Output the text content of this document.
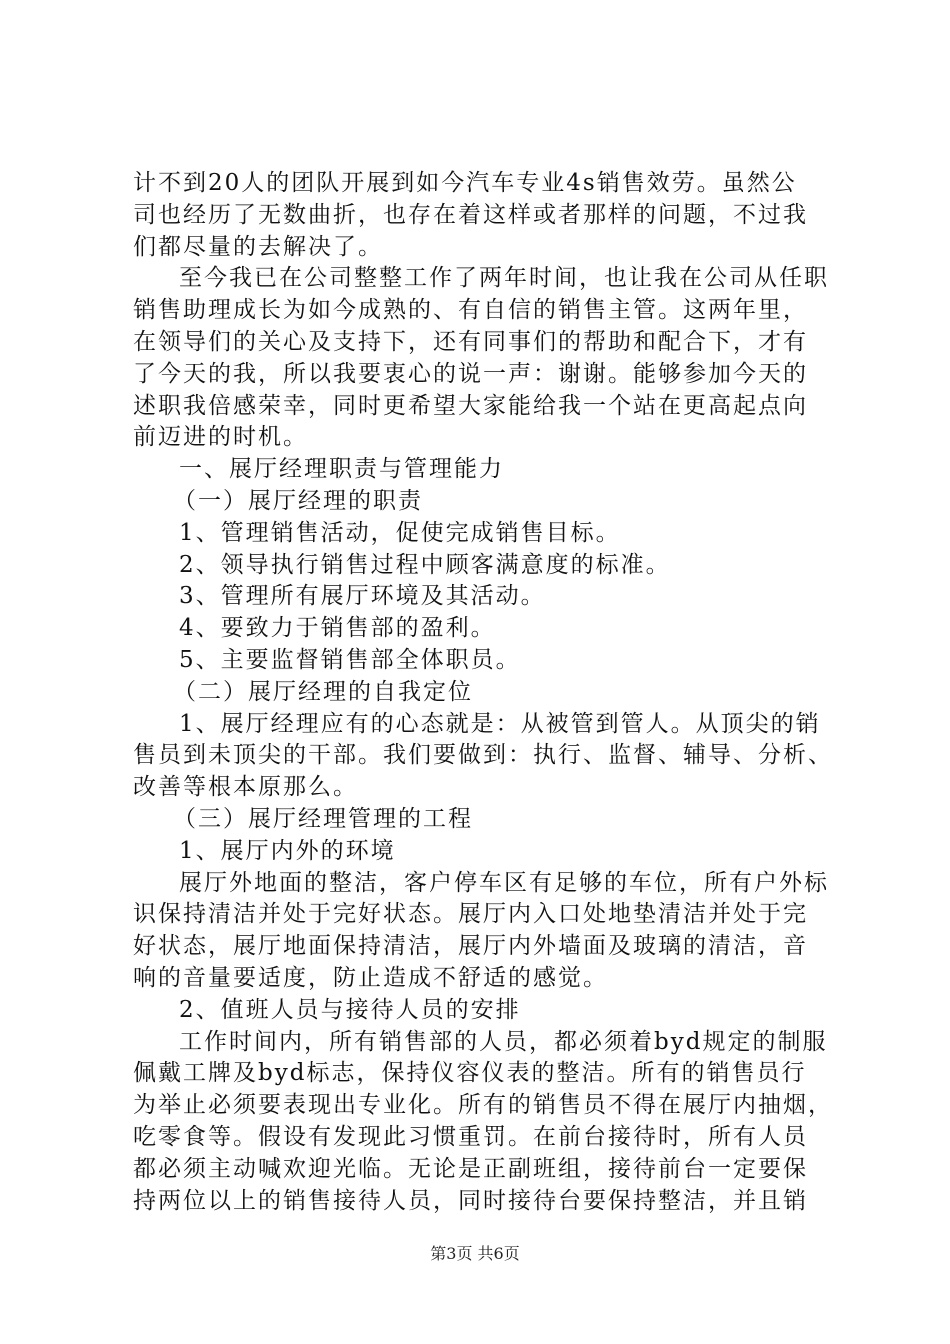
计不到20人的团队开展到如今汽车专业4s销售效劳。虽然公
司也经历了无数曲折，也存在着这样或者那样的问题，不过我
们都尽量的去解决了。
至今我已在公司整整工作了两年时间，也让我在公司从任职
销售助理成长为如今成熟的、有自信的销售主管。这两年里，
在领导们的关心及支持下，还有同事们的帮助和配合下，才有
了今天的我，所以我要衷心的说一声：谢谢。能够参加今天的
述职我倍感荣幸，同时更希望大家能给我一个站在更高起点向
前迈进的时机。
一、展厅经理职责与管理能力
（一）展厅经理的职责
1、管理销售活动，促使完成销售目标。
2、领导执行销售过程中顾客满意度的标准。
3、管理所有展厅环境及其活动。
4、要致力于销售部的盈利。
5、主要监督销售部全体职员。
（二）展厅经理的自我定位
1、展厅经理应有的心态就是：从被管到管人。从顶尖的销
售员到未顶尖的干部。我们要做到：执行、监督、辅导、分析、
改善等根本原那么。
（三）展厅经理管理的工程
1、展厅内外的环境
展厅外地面的整洁，客户停车区有足够的车位，所有户外标
识保持清洁并处于完好状态。展厅内入口处地垫清洁并处于完
好状态，展厅地面保持清洁，展厅内外墙面及玻璃的清洁，音
响的音量要适度，防止造成不舒适的感觉。
2、值班人员与接待人员的安排
工作时间内，所有销售部的人员，都必须着byd规定的制服
佩戴工牌及byd标志，保持仪容仪表的整洁。所有的销售员行
为举止必须要表现出专业化。所有的销售员不得在展厅内抽烟，
吃零食等。假设有发现此习惯重罚。在前台接待时，所有人员
都必须主动喊欢迎光临。无论是正副班组，接待前台一定要保
持两位以上的销售接待人员，同时接待台要保持整洁，并且销
第3页 共6页
